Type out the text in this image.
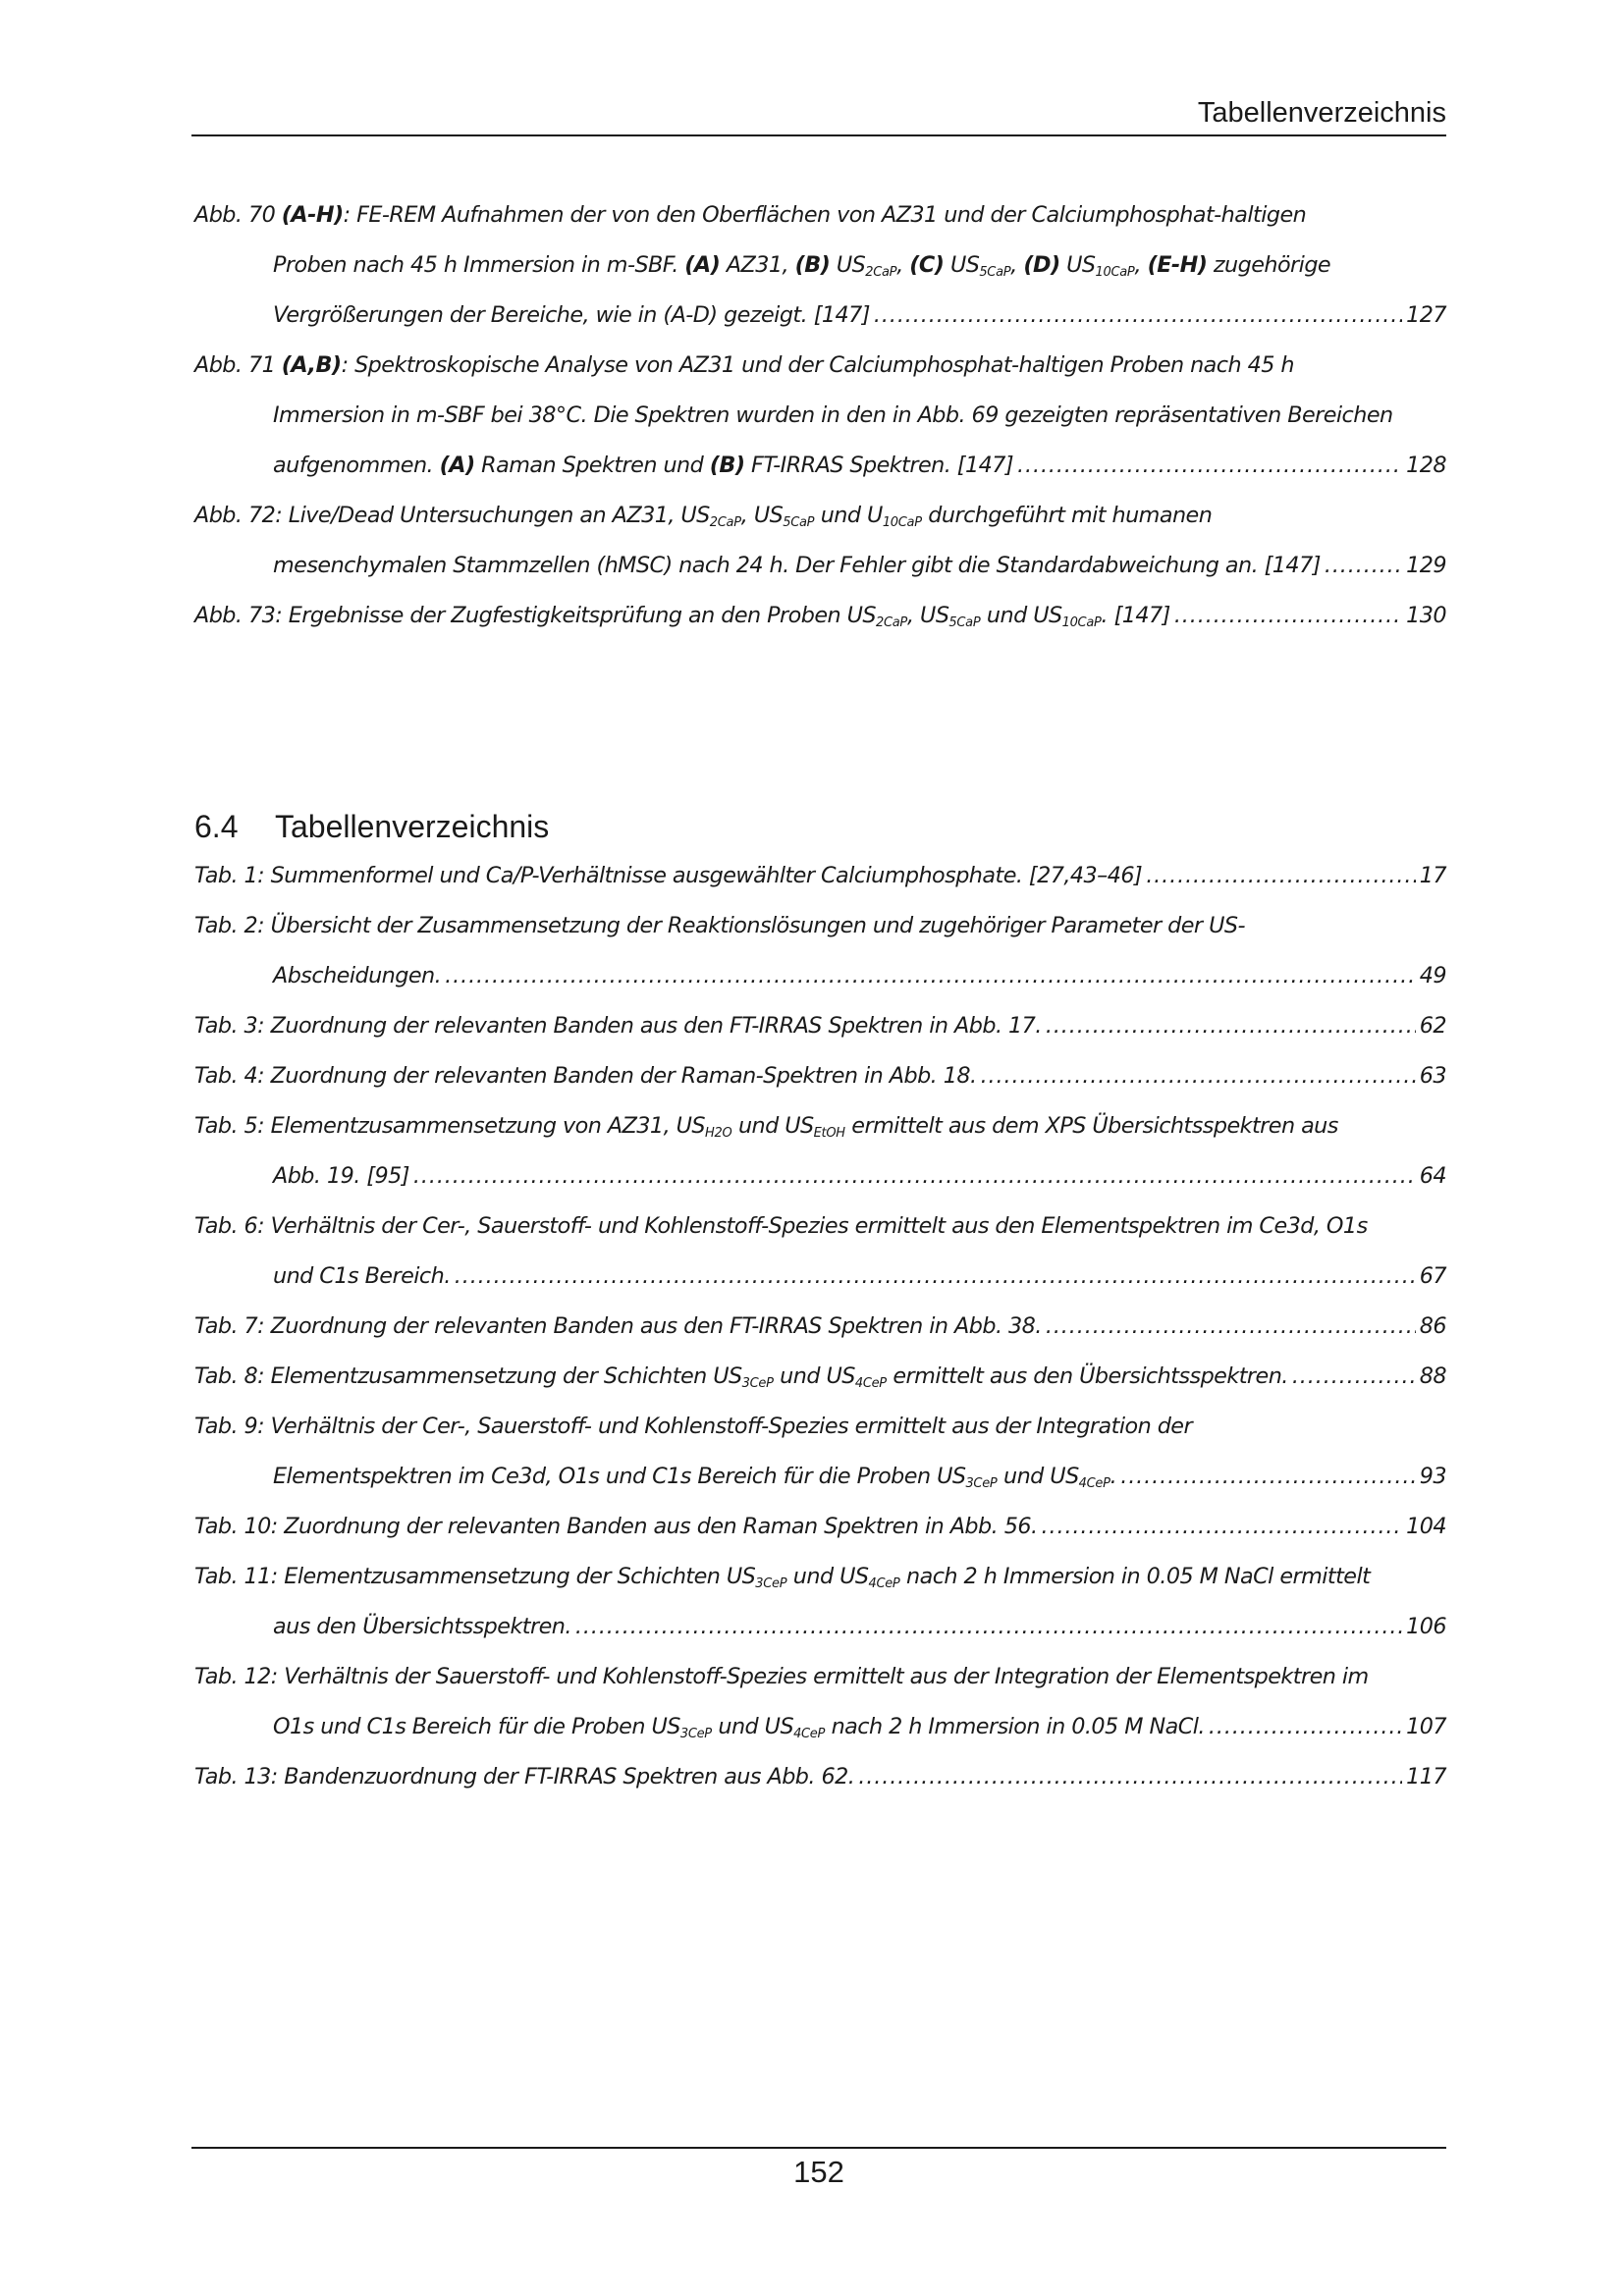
Tabellenverzeichnis
Abb. 70 (A-H): FE-REM Aufnahmen der von den Oberflächen von AZ31 und der Calciumphosphat-haltigen
Proben nach 45 h Immersion in m-SBF. (A) AZ31, (B) $US_{2CaP}$, (C) $US_{5CaP}$, (D) $US_{10CaP}$, (E-H) zugehörige
Vergrößerungen der Bereiche, wie in (A-D) gezeigt. [147] . . .	127
Abb. 71 (A,B): Spektroskopische Analyse von AZ31 und der Calciumphosphat-haltigen Proben nach 45 h
Immersion in m-SBF bei 38°C. Die Spektren wurden in den in Abb. 69 gezeigten repräsentativen Bereichen
aufgenommen. (A) Raman Spektren und (B) FT-IRRAS Spektren. [147] . . .	128
Abb. 72: Live/Dead Untersuchungen an AZ31, $US_{2CaP}$, $US_{5CaP}$ und $U_{10CaP}$ durchgeführt mit humanen
mesenchymalen Stammzellen (hMSC) nach 24 h. Der Fehler gibt die Standardabweichung an. [147] . . .	129
Abb. 73: Ergebnisse der Zugfestigkeitsprüfung an den Proben $US_{2CaP}$, $US_{5CaP}$ und $US_{10CaP}$. [147] . . .	130
6.4	Tabellenverzeichnis
Tab. 1: Summenformel und Ca/P-Verhältnisse ausgewählter Calciumphosphate. [27,43–46] . . .	17
Tab. 2: Übersicht der Zusammensetzung der Reaktionslösungen und zugehöriger Parameter der US-
Abscheidungen. . . .	49
Tab. 3: Zuordnung der relevanten Banden aus den FT-IRRAS Spektren in Abb. 17. . . .	62
Tab. 4: Zuordnung der relevanten Banden der Raman-Spektren in Abb. 18. . . .	63
Tab. 5: Elementzusammensetzung von AZ31, $US_{H2O}$ und $US_{EtOH}$ ermittelt aus dem XPS Übersichtsspektren aus
Abb. 19. [95] . . .	64
Tab. 6: Verhältnis der Cer-, Sauerstoff- und Kohlenstoff-Spezies ermittelt aus den Elementspektren im Ce3d, O1s
und C1s Bereich. . . .	67
Tab. 7: Zuordnung der relevanten Banden aus den FT-IRRAS Spektren in Abb. 38. . . .	86
Tab. 8: Elementzusammensetzung der Schichten $US_{3CeP}$ und $US_{4CeP}$ ermittelt aus den Übersichtsspektren. . . .	88
Tab. 9: Verhältnis der Cer-, Sauerstoff- und Kohlenstoff-Spezies ermittelt aus der Integration der
Elementspektren im Ce3d, O1s und C1s Bereich für die Proben $US_{3CeP}$ und $US_{4CeP}$. . . .	93
Tab. 10: Zuordnung der relevanten Banden aus den Raman Spektren in Abb. 56. . . .	104
Tab. 11: Elementzusammensetzung der Schichten $US_{3CeP}$ und $US_{4CeP}$ nach 2 h Immersion in 0.05 M NaCl ermittelt
aus den Übersichtsspektren. . . .	106
Tab. 12: Verhältnis der Sauerstoff- und Kohlenstoff-Spezies ermittelt aus der Integration der Elementspektren im
O1s und C1s Bereich für die Proben $US_{3CeP}$ und $US_{4CeP}$ nach 2 h Immersion in 0.05 M NaCl. . . .	107
Tab. 13: Bandenzuordnung der FT-IRRAS Spektren aus Abb. 62. . . .	117
152
